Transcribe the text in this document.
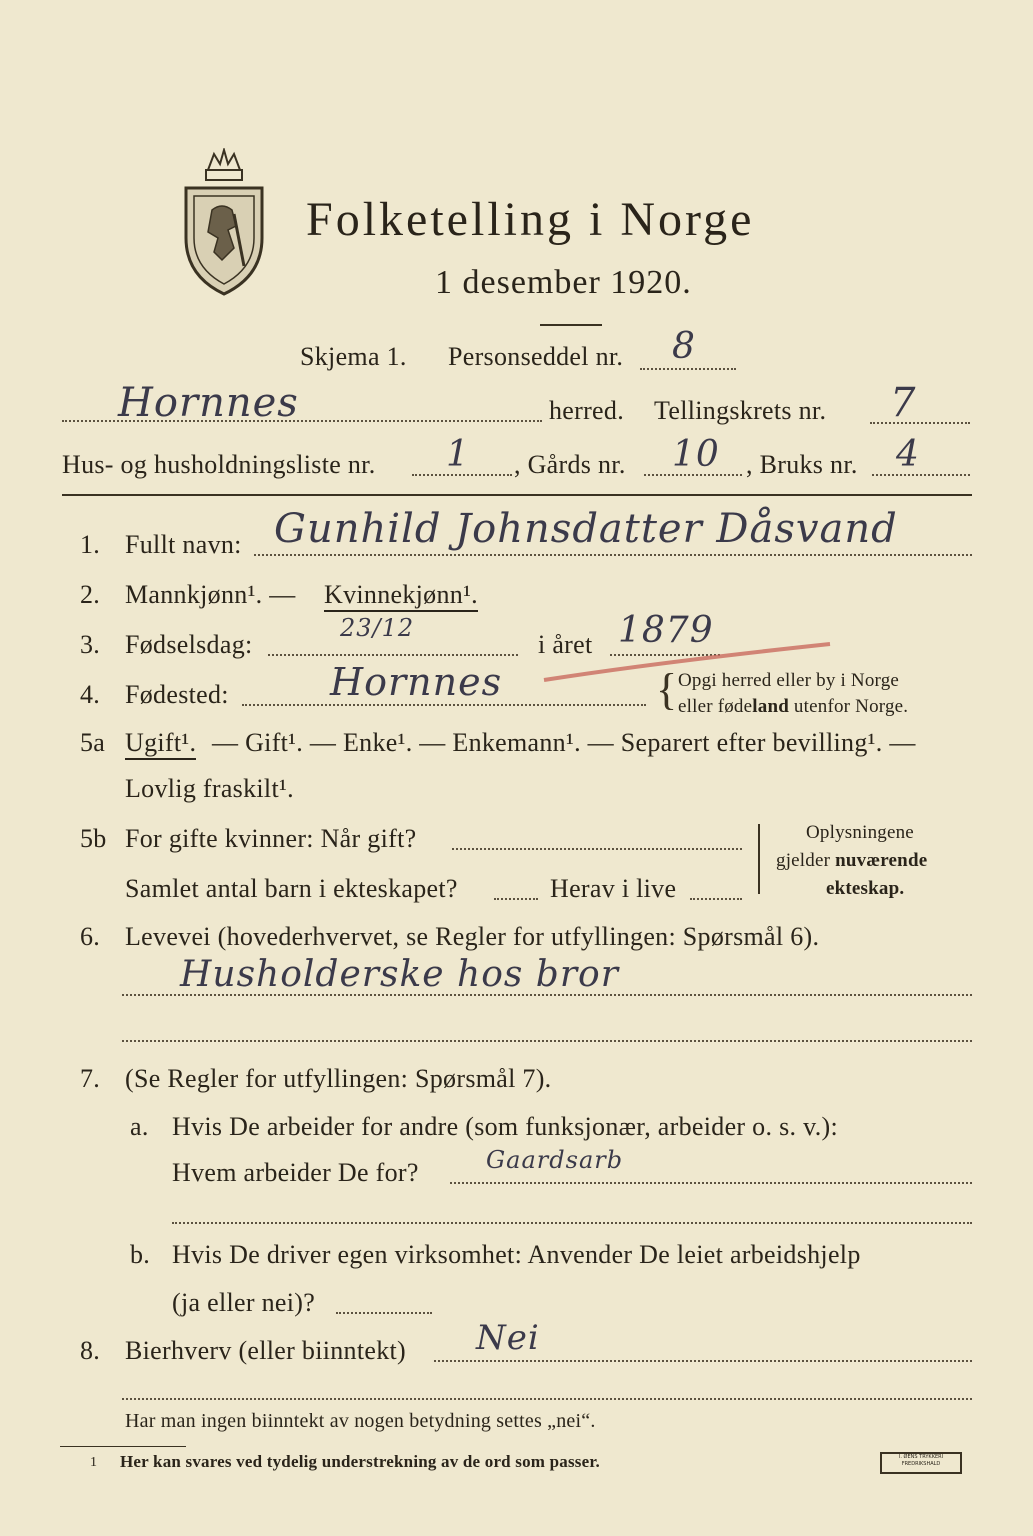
Folketelling i Norge
1 desember 1920.
Skjema 1. Personseddel nr. 8
Hornnes	herred. Tellingskrets nr. 7
Hus- og husholdningsliste nr. 1 , Gårds nr. 10 , Bruks nr. 4
1. Fullt navn: Gunhild Johnsdatter Dåsvand
2. Mannkjønn¹. — Kvinnekjønn¹.
3. Fødselsdag:
23/12
i året 1879
4. Fødested:	Hornnes	{ Opgi herred eller by i Norge
eller fødeland utenfor Norge.
5a Ugift¹. — Gift¹. — Enke¹. — Enkemann¹. — Separert efter bevilling¹. —
Lovlig fraskilt¹.
5b For gifte kvinner: Når gift?
Samlet antal barn i ekteskapet?	Herav i live
Oplysningene
gjelder nuværende
ekteskap.
6. Levevei (hovederhvervet, se Regler for utfyllingen: Spørsmål 6).
Husholderske hos bror
7. (Se Regler for utfyllingen: Spørsmål 7).
a. Hvis De arbeider for andre (som funksjonær, arbeider o. s. v.):
Hvem arbeider De for?	Gaardsarb
b. Hvis De driver egen virksomhet: Anvender De leiet arbeidshjelp
(ja eller nei)?
8. Bierhverv (eller biinntekt) Nei
Har man ingen biinntekt av nogen betydning settes „nei“.
1 Her kan svares ved tydelig understrekning av de ord som passer.	I. ØENS TRYKKERI FREDRIKSHALD
